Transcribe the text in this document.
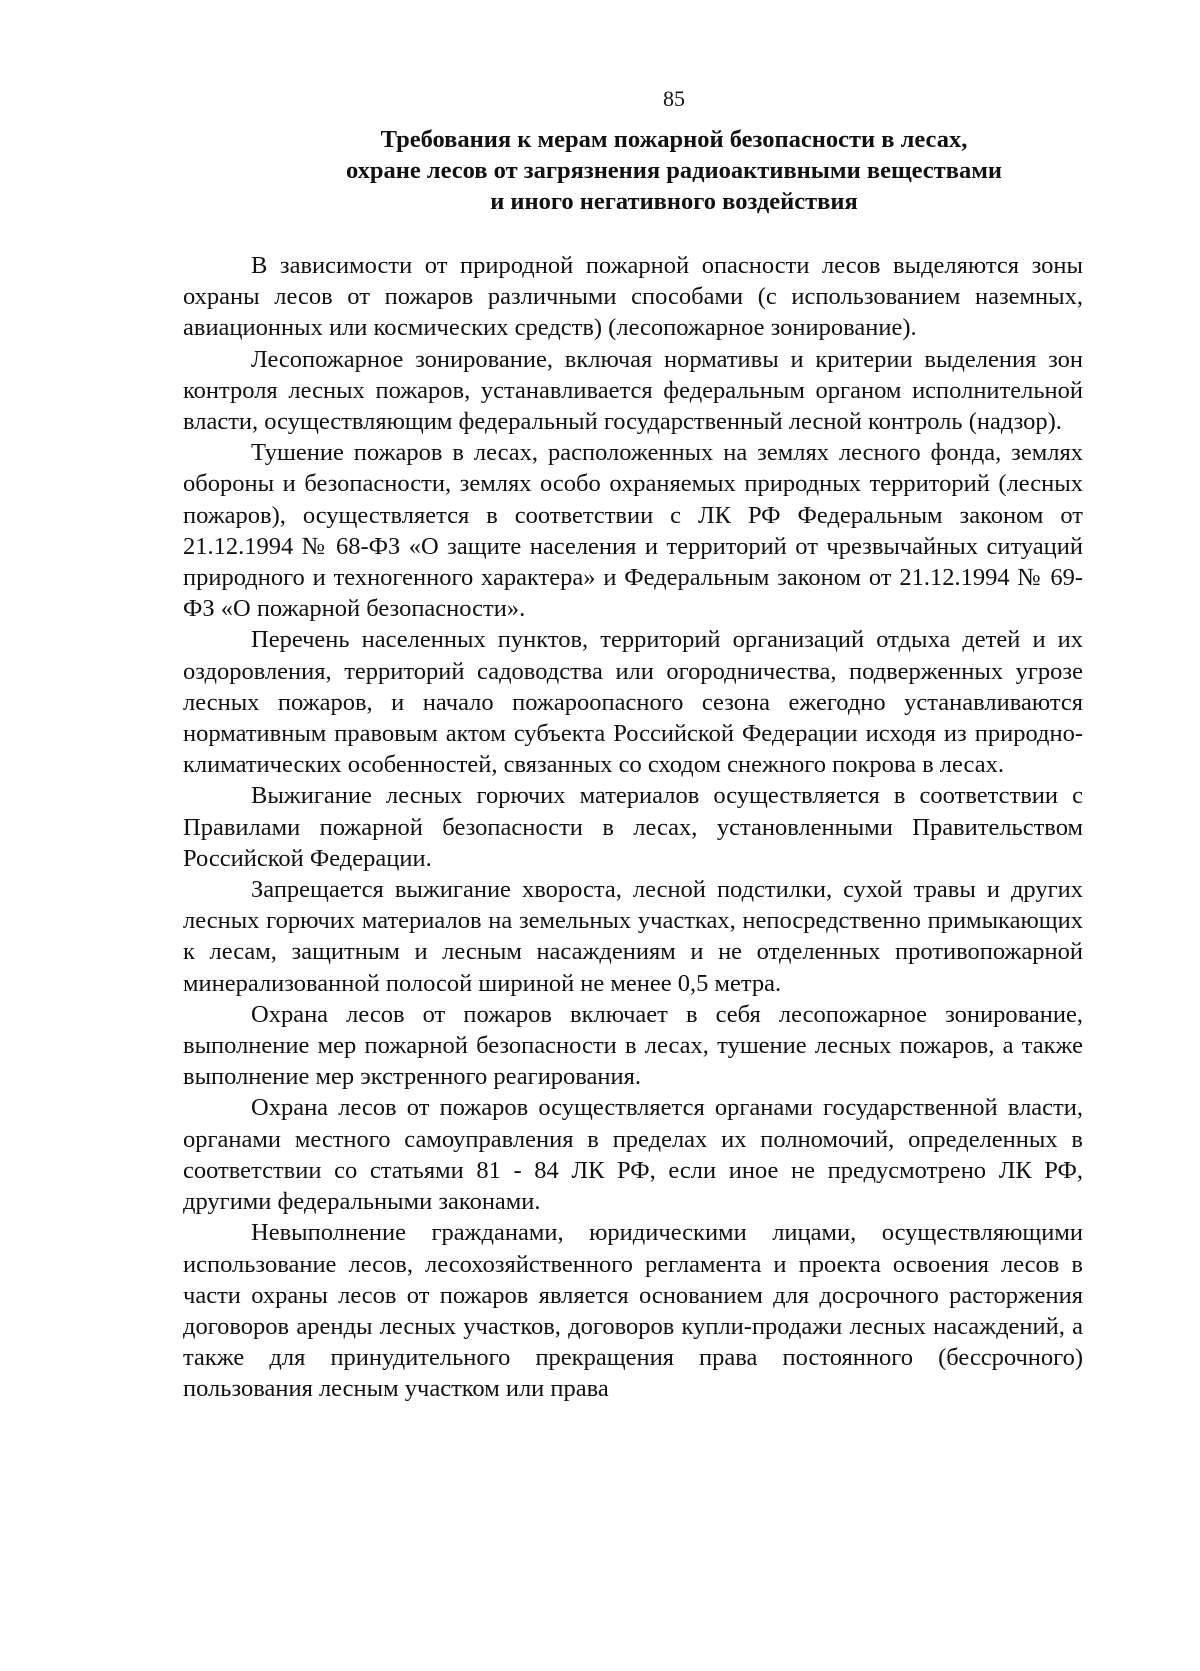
85
Требования к мерам пожарной безопасности в лесах,
охране лесов от загрязнения радиоактивными веществами
и иного негативного воздействия

В зависимости от природной пожарной опасности лесов выделяются зоны охраны лесов от пожаров различными способами (с использованием наземных, авиационных или космических средств) (лесопожарное зонирование).

Лесопожарное зонирование, включая нормативы и критерии выделения зон контроля лесных пожаров, устанавливается федеральным органом исполнительной власти, осуществляющим федеральный государственный лесной контроль (надзор).

Тушение пожаров в лесах, расположенных на землях лесного фонда, землях обороны и безопасности, землях особо охраняемых природных территорий (лесных пожаров), осуществляется в соответствии с ЛК РФ Федеральным законом от 21.12.1994 № 68-ФЗ «О защите населения и территорий от чрезвычайных ситуаций природного и техногенного характера» и Федеральным законом от 21.12.1994 № 69-ФЗ «О пожарной безопасности».

Перечень населенных пунктов, территорий организаций отдыха детей и их оздоровления, территорий садоводства или огородничества, подверженных угрозе лесных пожаров, и начало пожароопасного сезона ежегодно устанавливаются нормативным правовым актом субъекта Российской Федерации исходя из природно-климатических особенностей, связанных со сходом снежного покрова в лесах.

Выжигание лесных горючих материалов осуществляется в соответствии с Правилами пожарной безопасности в лесах, установленными Правительством Российской Федерации.

Запрещается выжигание хвороста, лесной подстилки, сухой травы и других лесных горючих материалов на земельных участках, непосредственно примыкающих к лесам, защитным и лесным насаждениям и не отделенных противопожарной минерализованной полосой шириной не менее 0,5 метра.

Охрана лесов от пожаров включает в себя лесопожарное зонирование, выполнение мер пожарной безопасности в лесах, тушение лесных пожаров, а также выполнение мер экстренного реагирования.

Охрана лесов от пожаров осуществляется органами государственной власти, органами местного самоуправления в пределах их полномочий, определенных в соответствии со статьями 81 - 84 ЛК РФ, если иное не предусмотрено ЛК РФ, другими федеральными законами.

Невыполнение гражданами, юридическими лицами, осуществляющими использование лесов, лесохозяйственного регламента и проекта освоения лесов в части охраны лесов от пожаров является основанием для досрочного расторжения договоров аренды лесных участков, договоров купли-продажи лесных насаждений, а также для принудительного прекращения права постоянного (бессрочного) пользования лесным участком или права
